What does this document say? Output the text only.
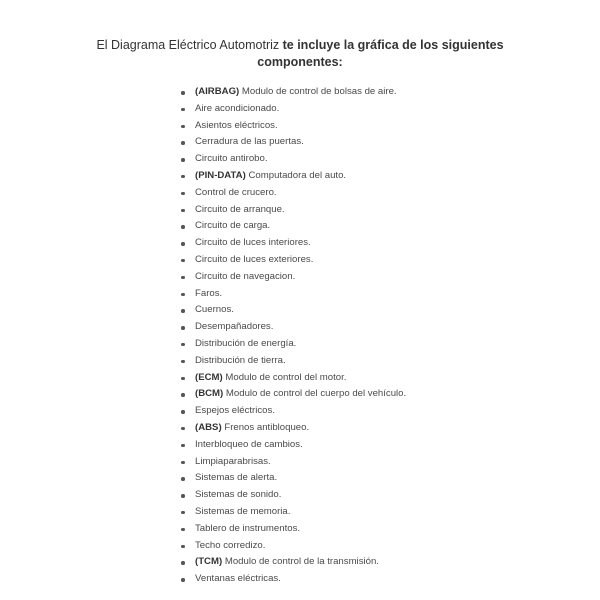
El Diagrama Eléctrico Automotriz te incluye la gráfica de los siguientes componentes:
(AIRBAG) Modulo de control de bolsas de aire.
Aire acondicionado.
Asientos eléctricos.
Cerradura de las puertas.
Circuito antirobo.
(PIN-DATA) Computadora del auto.
Control de crucero.
Circuito de arranque.
Circuito de carga.
Circuito de luces interiores.
Circuito de luces exteriores.
Circuito de navegacion.
Faros.
Cuernos.
Desempañadores.
Distribución de energía.
Distribución de tierra.
(ECM) Modulo de control del motor.
(BCM) Modulo de control del cuerpo del vehículo.
Espejos eléctricos.
(ABS) Frenos antibloqueo.
Interbloqueo de cambios.
Limpiaparabrisas.
Sistemas de alerta.
Sistemas de sonido.
Sistemas de memoria.
Tablero de instrumentos.
Techo corredizo.
(TCM) Modulo de control de la transmisión.
Ventanas eléctricas.
